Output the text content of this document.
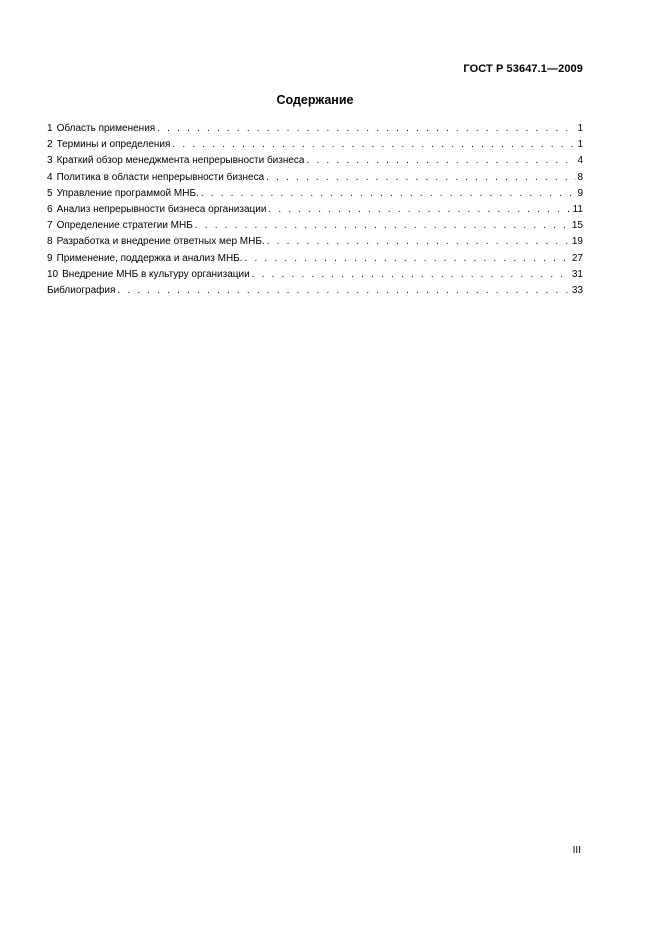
ГОСТ Р 53647.1—2009
Содержание
1 Область применения . . .	1
2 Термины и определения . . .	1
3 Краткий обзор менеджмента непрерывности бизнеса . . .	4
4 Политика в области непрерывности бизнеса . . .	8
5 Управление программой МНБ. . . .	9
6 Анализ непрерывности бизнеса организации . . .	11
7 Определение стратегии МНБ . . .	15
8 Разработка и внедрение ответных мер МНБ. . . .	19
9 Применение, поддержка и анализ МНБ. . . .	27
10 Внедрение МНБ в культуру организации . . .	31
Библиография . . .	33
III
